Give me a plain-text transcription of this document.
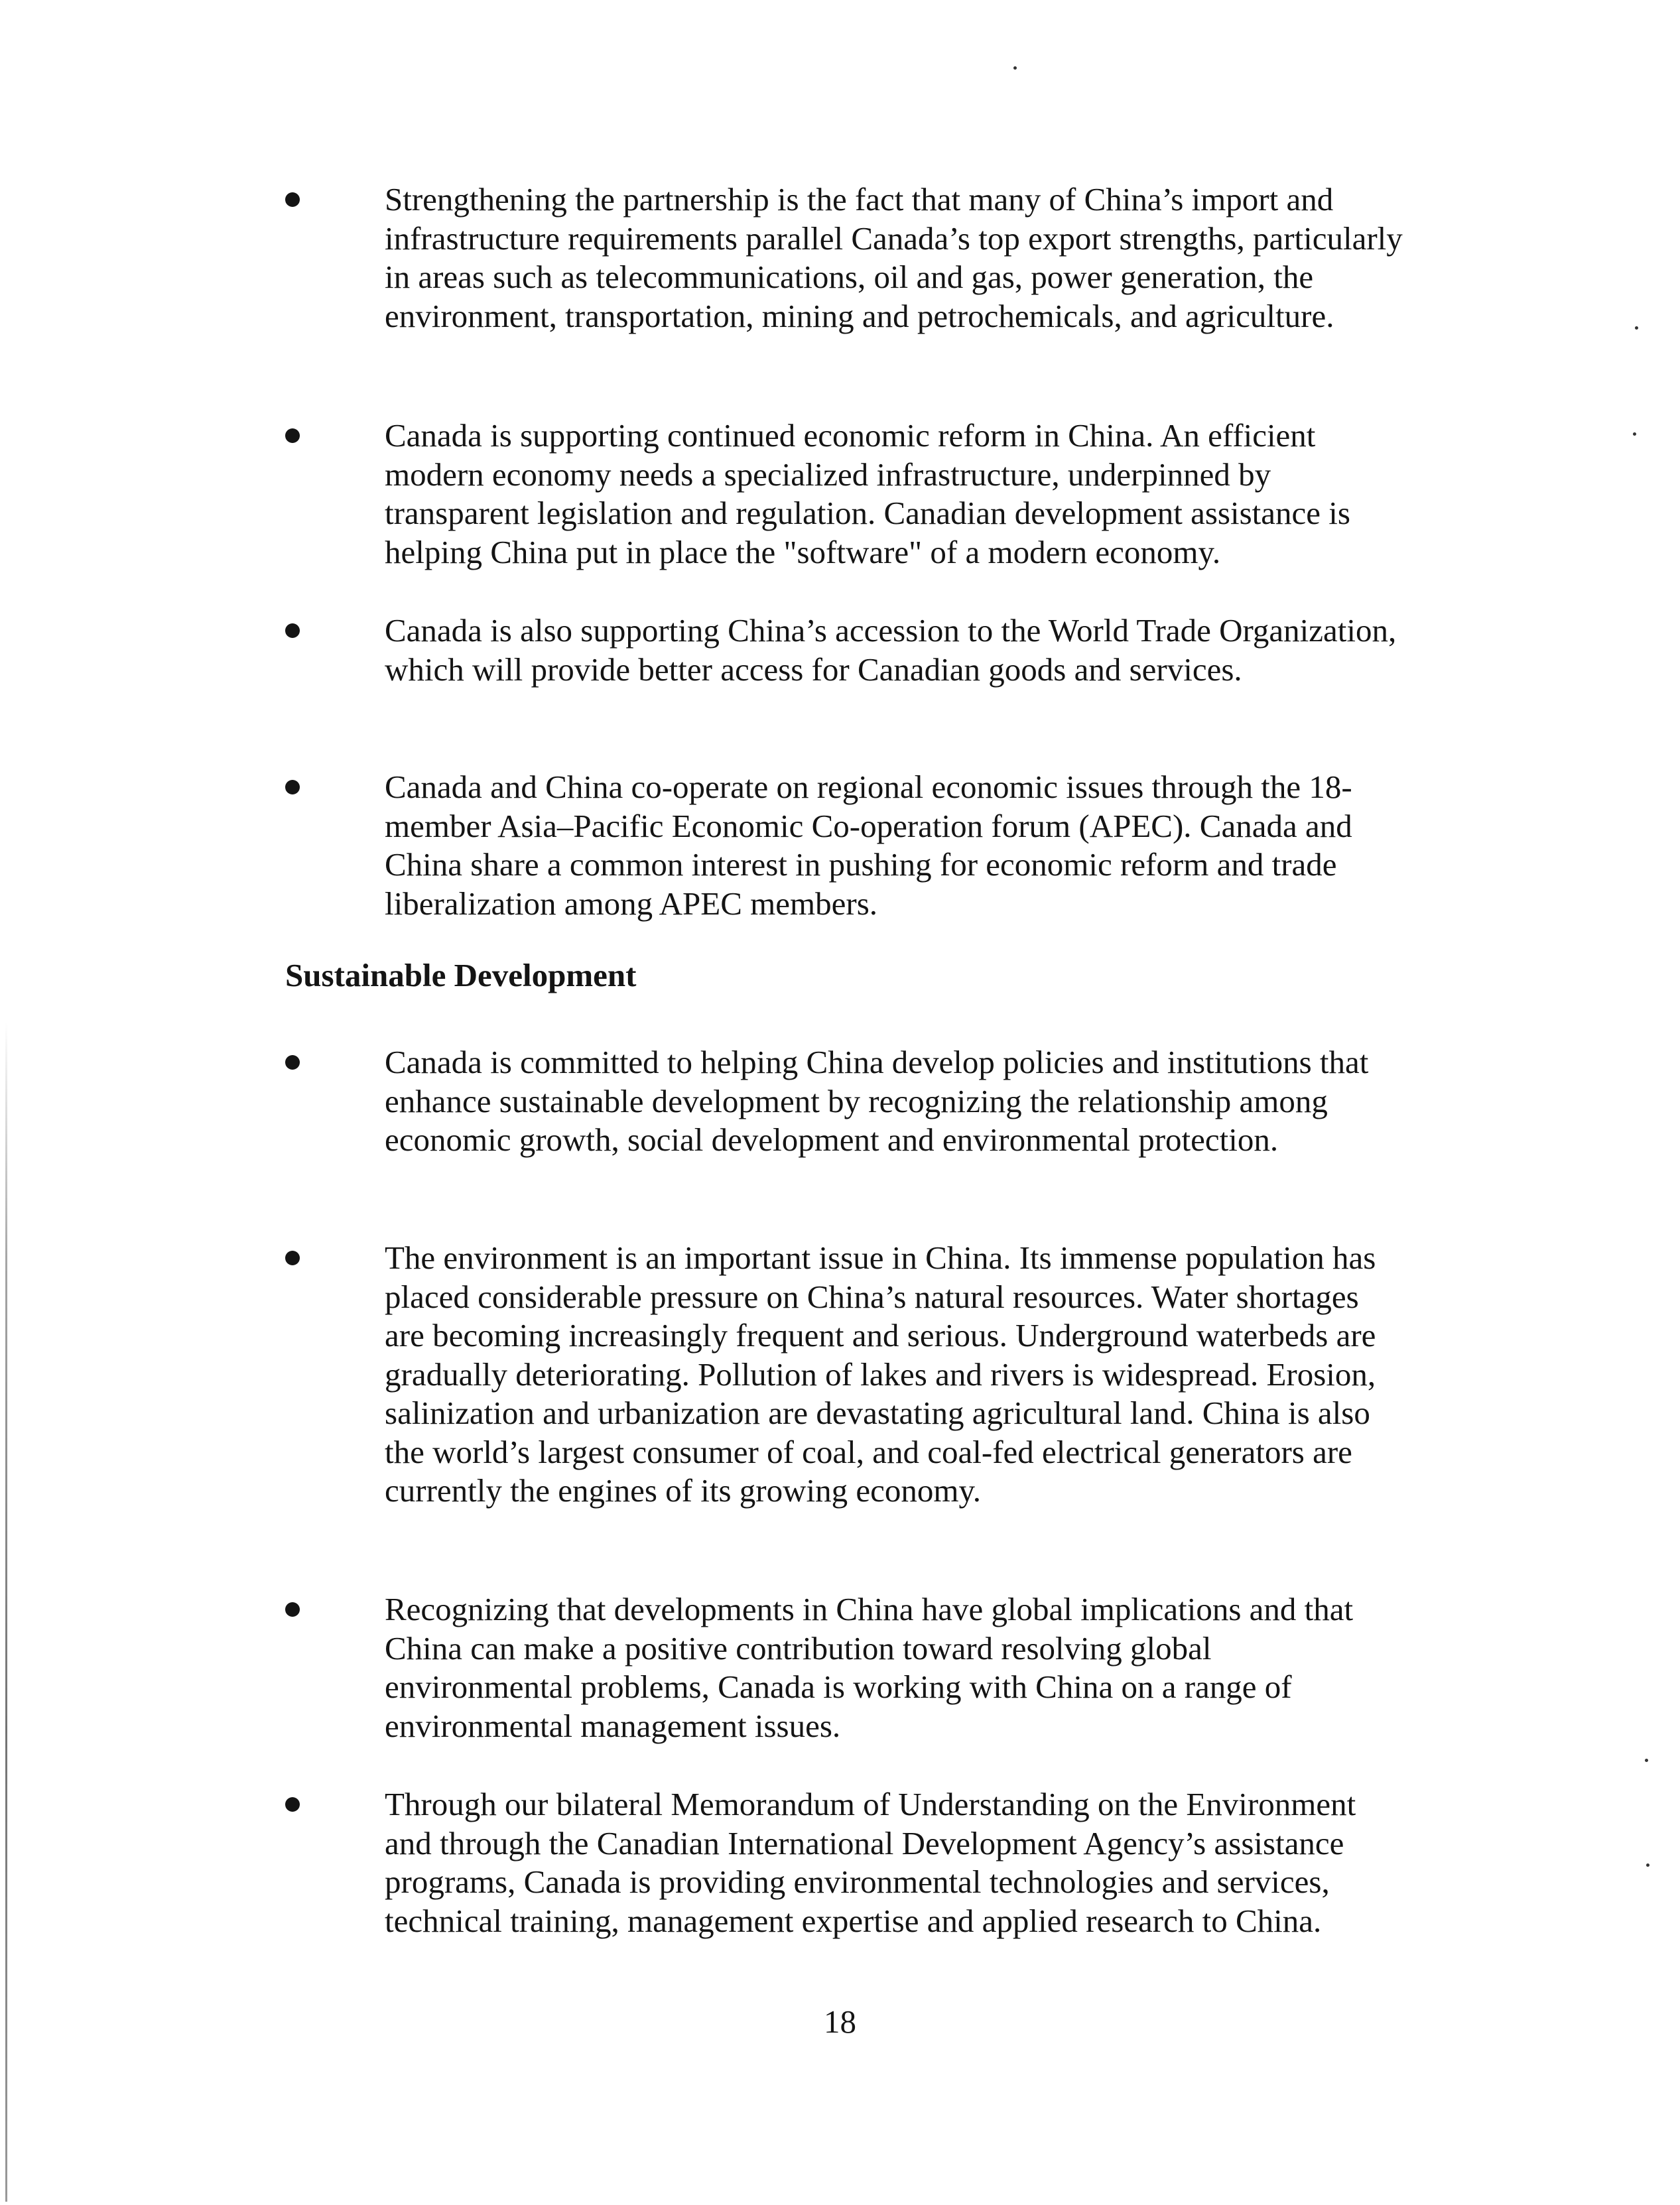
Strengthening the partnership is the fact that many of China’s import and infrastructure requirements parallel Canada’s top export strengths, particularly in areas such as telecommunications, oil and gas, power generation, the environment, transportation, mining and petrochemicals, and agriculture.

Canada is supporting continued economic reform in China. An efficient modern economy needs a specialized infrastructure, underpinned by transparent legislation and regulation. Canadian development assistance is helping China put in place the "software" of a modern economy.

Canada is also supporting China’s accession to the World Trade Organization, which will provide better access for Canadian goods and services.

Canada and China co-operate on regional economic issues through the 18-member Asia–Pacific Economic Co-operation forum (APEC). Canada and China share a common interest in pushing for economic reform and trade liberalization among APEC members.

Sustainable Development

Canada is committed to helping China develop policies and institutions that enhance sustainable development by recognizing the relationship among economic growth, social development and environmental protection.

The environment is an important issue in China. Its immense population has placed considerable pressure on China’s natural resources. Water shortages are becoming increasingly frequent and serious. Underground waterbeds are gradually deteriorating. Pollution of lakes and rivers is widespread. Erosion, salinization and urbanization are devastating agricultural land. China is also the world’s largest consumer of coal, and coal-fed electrical generators are currently the engines of its growing economy.

Recognizing that developments in China have global implications and that China can make a positive contribution toward resolving global environmental problems, Canada is working with China on a range of environmental management issues.

Through our bilateral Memorandum of Understanding on the Environment and through the Canadian International Development Agency’s assistance programs, Canada is providing environmental technologies and services, technical training, management expertise and applied research to China.

18
